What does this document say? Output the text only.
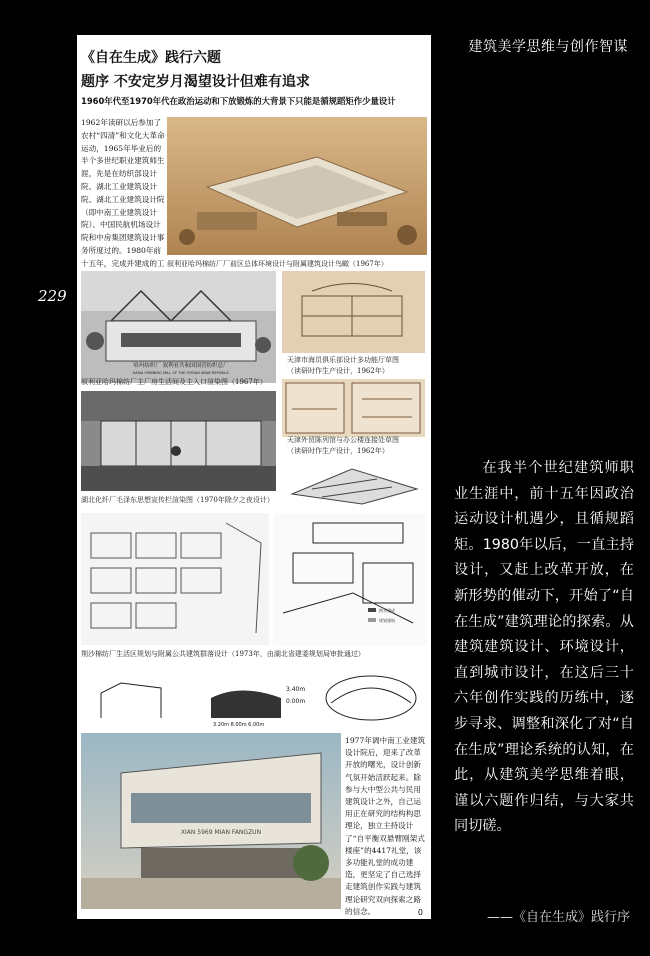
建筑美学思维与创作智谋
229
《自在生成》践行六题
题序 不安定岁月渴望设计但难有追求
1960年代至1970年代在政治运动和下放锻炼的大背景下只能是循规蹈矩作少量设计
1962年读研以后参加了农村“四清”和文化大革命运动，1965年毕业后的半个多世纪职业建筑师生涯，先是在纺织部设计院、湖北工业建筑设计院、湖北工业建筑设计院（即中南工业建筑设计院）、中国民航机场设计院和中房集团建筑设计事务所度过的。1980年前十五年，完成并建成的工 叙利亚哈玛棉纺厂厂前区总体环境设计与附属建筑设计鸟瞰（1967年）
哈玛纺织厂 叙利亚共和国国营纺织总厂
HAMA SPINNING MILL OF THE SYRIAN ARAB REPUBLIC
叙利亚哈玛棉纺厂主厂房生活间及主入口渲染图（1967年）
天津市海员俱乐部设计多功能厅草图
（读研时作生产设计，1962年）
湖北化纤厂毛泽东思想宣传栏渲染图（1970年除夕之夜设计）
天津外贸陈列馆与办公楼连接处草图
（读研时作生产设计，1962年）
购买建成
规划建筑
荆沙棉纺厂生活区规划与附属公共建筑群落设计（1973年，由湖北省建委规划局审批通过）
3.40m
0.00m
3.20m 8.00m 6.00m
XIAN 5969 MIAN FANGZUN
1977年调中南工业建筑设计院后，迎来了改革开放的曙光，设计创新气氛开始活跃起来。除参与大中型公共与民用建筑设计之外，自己运用正在研究的结构构思理论，独立主持设计了“自平衡双悬臂刚架式楼座”的4417礼堂，该多功能礼堂的成功建造，更坚定了自己选择走建筑创作实践与建筑理论研究双向探索之路的信念。	0
在我半个世纪建筑师职业生涯中，前十五年因政治运动设计机遇少，且循规蹈矩。1980年以后，一直主持设计，又赶上改革开放，在新形势的催动下，开始了“自在生成”建筑理论的探索。从建筑建筑设计、环境设计，直到城市设计，在这后三十六年创作实践的历练中，逐步寻求、调整和深化了对“自在生成”理论系统的认知，在此，从建筑美学思维着眼，谨以六题作归结，与大家共同切磋。
——《自在生成》践行序
